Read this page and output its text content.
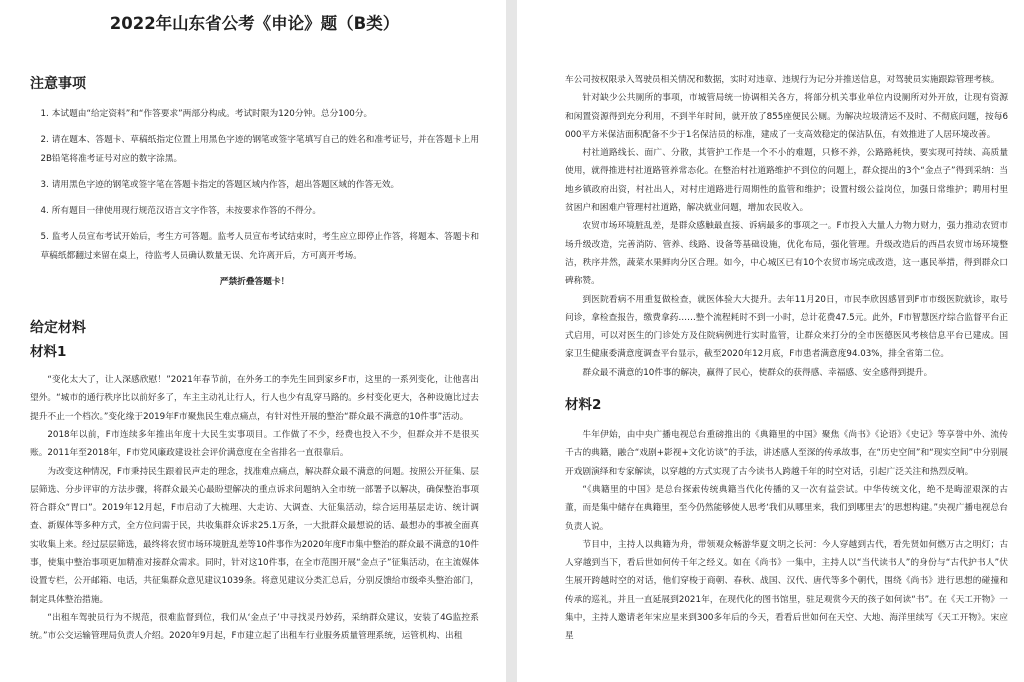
2022年山东省公考《申论》题（B类）
注意事项
1. 本试题由“给定资料”和“作答要求”两部分构成。考试时限为120分钟。总分100分。
2. 请在题本、答题卡、草稿纸指定位置上用黑色字迹的钢笔或签字笔填写自己的姓名和准考证号，并在答题卡上用2B铅笔将准考证号对应的数字涂黑。
3. 请用黑色字迹的钢笔或签字笔在答题卡指定的答题区域内作答，超出答题区域的作答无效。
4. 所有题目一律使用现行规范汉语言文字作答，未按要求作答的不得分。
5. 监考人员宣布考试开始后，考生方可答题。监考人员宣布考试结束时，考生应立即停止作答，将题本、答题卡和草稿纸都翻过来留在桌上，待监考人员确认数量无误、允许离开后，方可离开考场。
严禁折叠答题卡！
给定材料
材料1

“变化太大了，让人深感欣慰！”2021年春节前，在外务工的李先生回到家乡F市，这里的一系列变化，让他喜出望外。“城市的通行秩序比以前好多了，车主主动礼让行人，行人也少有乱穿马路的。乡村变化更大，各种设施比过去提升不止一个档次。”变化缘于2019年F市聚焦民生难点痛点，有针对性开展的整治“群众最不满意的10件事”活动。

2018年以前，F市连续多年推出年度十大民生实事项目。工作做了不少，经费也投入不少，但群众并不是很买账。2011年至2018年，F市党风廉政建设社会评价满意度在全省排名一直很靠后。

为改变这种情况，F市秉持民生跟着民声走的理念，找准难点痛点，解决群众最不满意的问题。按照公开征集、层层筛选、分步评审的方法步骤，将群众最关心最盼望解决的重点诉求问题纳入全市统一部署予以解决，确保整治事项符合群众“胃口”。2019年12月起，F市启动了大梳理、大走访、大调查、大征集活动，综合运用基层走访、统计调查、新媒体等多种方式，全方位问需于民，共收集群众诉求25.1万条，一大批群众最想说的话、最想办的事被全面真实收集上来。经过层层筛选，最终将农贸市场环境脏乱差等10件事作为2020年度F市集中整治的群众最不满意的10件事，使集中整治事项更加精准对接群众需求。同时，针对这10件事，在全市范围开展“金点子”征集活动，在主流媒体设置专栏，公开邮箱、电话，共征集群众意见建议1039条。将意见建议分类汇总后，分别反馈给市级牵头整治部门，制定具体整治措施。

“出租车驾驶员行为不规范，很难监督到位，我们从‘金点子’中寻找灵丹妙药，采纳群众建议，安装了4G监控系统。”市公交运输管理局负责人介绍。2020年9月起，F市建立起了出租车行业服务质量管理系统，运管机构、出租

车公司按权限录入驾驶员相关情况和数据，实时对违章、违规行为记分并推送信息，对驾驶员实施跟踪管理考核。

针对缺少公共厕所的事项，市城管局统一协调相关各方，将部分机关事业单位内设厕所对外开放，让现有资源和闲置资源得到充分利用，不到半年时间，就开放了855座便民公厕。为解决垃圾清运不及时、不彻底问题，按每6000平方米保洁面积配备不少于1名保洁员的标准，建成了一支高效稳定的保洁队伍，有效推进了人居环境改善。

村社道路线长、面广、分散，其管护工作是一个不小的难题，只修不养，公路路耗快，要实现可持续、高质量使用，就得推进村社道路管养常态化。在整治村社道路维护不到位的问题上，群众提出的3个“金点子”得到采纳：当地乡镇政府出资，村社出人，对村庄道路进行周期性的监管和维护；设置村级公益岗位，加强日常维护；聘用村里贫困户和困难户管理村社道路，解决就业问题，增加农民收入。

农贸市场环境脏乱差，是群众感触最直接、诉病最多的事项之一。F市投入大量人力物力财力，强力推动农贸市场升级改造，完善消防、管养、线路、设备等基础设施，优化布局，强化管理。升级改造后的西昌农贸市场环境整洁，秩序井然，蔬菜水果鲜肉分区合理。如今，中心城区已有10个农贸市场完成改造，这一惠民举措，得到群众口碑称赞。

到医院看病不用重复做检查，就医体验大大提升。去年11月20日，市民李欣因感冒到F市市级医院就诊，取号问诊，拿检查报告，缴费拿药……整个流程耗时不到一小时，总计花费47.5元。此外，F市智慧医疗综合监督平台正式启用，可以对医生的门诊处方及住院病例进行实时监管，让群众来打分的全市医德医风考核信息平台已建成。国家卫生健康委满意度调查平台显示，截至2020年12月底，F市患者满意度94.03%，排全省第二位。

群众最不满意的10件事的解决，赢得了民心，使群众的获得感、幸福感、安全感得到提升。

材料2

牛年伊始，由中央广播电视总台重磅推出的《典籍里的中国》聚焦《尚书》《论语》《史记》等享誉中外、流传千古的典籍，融合“戏剧+影视+文化访谈”的手法，讲述感人至深的传承故事，在“历史空间”和“现实空间”中分别展开戏剧演绎和专家解读，以穿越的方式实现了古今读书人跨越千年的时空对话，引起广泛关注和热烈反响。

“《典籍里的中国》是总台探索传统典籍当代化传播的又一次有益尝试。中华传统文化，绝不是晦涩艰深的古董，而是集中储存在典籍里，至今仍然能够使人思考‘我们从哪里来，我们到哪里去’的思想构建。”央视广播电视总台负责人说。

节目中，主持人以典籍为舟，带领观众畅游华夏文明之长河：今人穿越到古代，看先贤如何燃万古之明灯；古人穿越到当下，看后世如何传千年之经义。如在《尚书》一集中，主持人以“当代读书人”的身份与“古代护书人”伏生展开跨越时空的对话，他们穿梭于商朝、春秋、战国、汉代、唐代等多个朝代，围绕《尚书》进行思想的碰撞和传承的巡礼，并且一直延展到2021年，在现代化的图书馆里，驻足观赏今天的孩子如何读“书”。在《天工开物》一集中，主持人邀请老年宋应星来到300多年后的今天，看看后世如何在天空、大地、海洋里续写《天工开物》。宋应星
